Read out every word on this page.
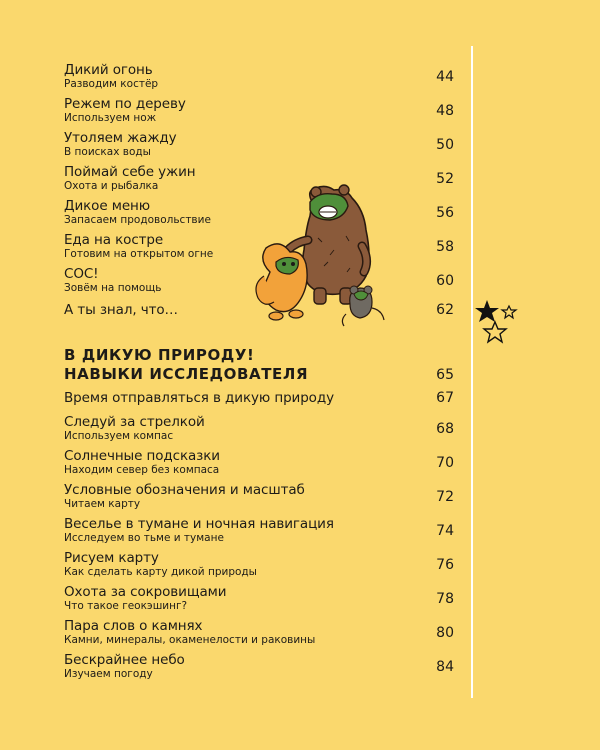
Дикий огонь
Разводим костёр	44
Режем по дереву
Используем нож	48
Утоляем жажду
В поисках воды	50
Поймай себе ужин
Охота и рыбалка	52
Дикое меню
Запасаем продовольствие	56
Еда на костре
Готовим на открытом огне	58
СОС!
Зовём на помощь	60
А ты знал, что…	62
В ДИКУЮ ПРИРОДУ!
НАВЫКИ ИССЛЕДОВАТЕЛЯ	65
Время отправляться в дикую природу	67
Следуй за стрелкой
Используем компас	68
Солнечные подсказки
Находим север без компаса	70
Условные обозначения и масштаб
Читаем карту	72
Веселье в тумане и ночная навигация
Исследуем во тьме и тумане	74
Рисуем карту
Как сделать карту дикой природы	76
Охота за сокровищами
Что такое геокэшинг?	78
Пара слов о камнях
Камни, минералы, окаменелости и раковины	80
Бескрайнее небо
Изучаем погоду	84
